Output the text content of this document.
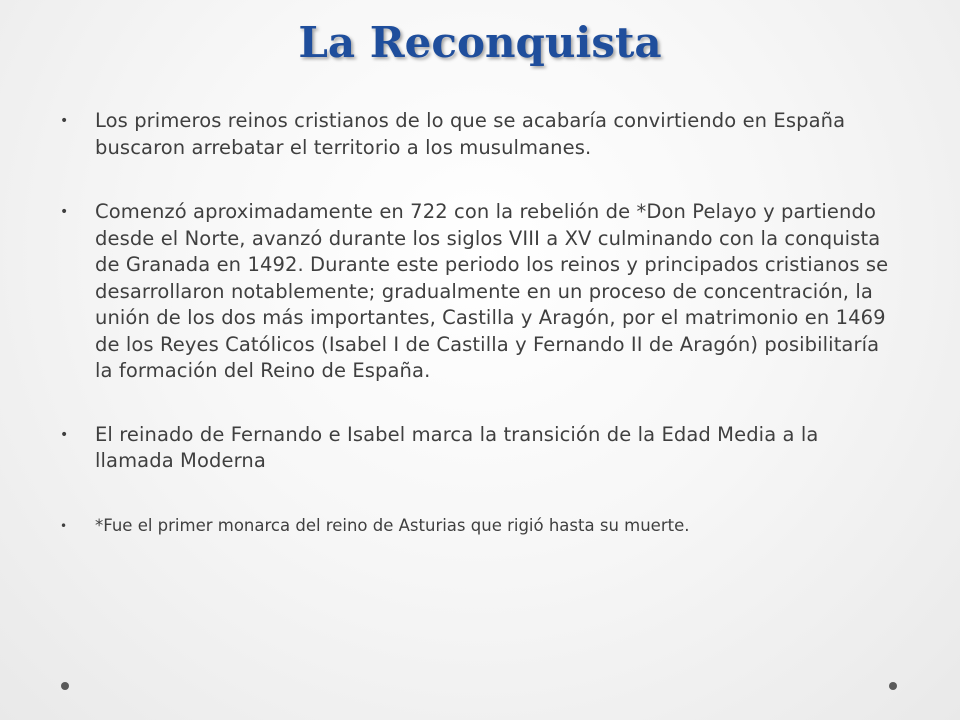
La Reconquista
• Los primeros reinos cristianos de lo que se acabaría convirtiendo en España buscaron arrebatar el territorio a los musulmanes.
• Comenzó aproximadamente en 722 con la rebelión de *Don Pelayo y partiendo desde el Norte, avanzó durante los siglos VIII a XV culminando con la conquista de Granada en 1492. Durante este periodo los reinos y principados cristianos se desarrollaron notablemente; gradualmente en un proceso de concentración, la unión de los dos más importantes, Castilla y Aragón, por el matrimonio en 1469 de los Reyes Católicos (Isabel I de Castilla y Fernando II de Aragón) posibilitaría la formación del Reino de España.
• El reinado de Fernando e Isabel marca la transición de la Edad Media a la llamada Moderna
• *Fue el primer monarca del reino de Asturias que rigió hasta su muerte.
